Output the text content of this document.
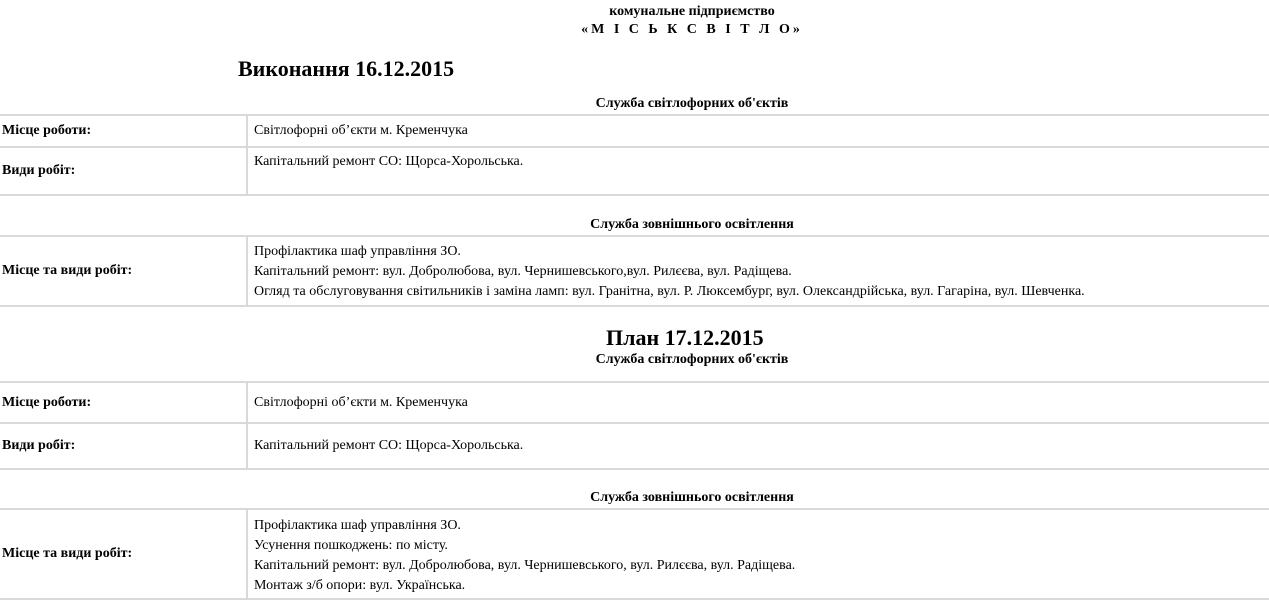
комунальне підприємство
«М І С Ь К С В І Т Л О»
Виконання 16.12.2015
Служба світлофорних об'єктів
Місце роботи:	Світлофорні об’єкти м. Кременчука
Види робіт:
Капітальний ремонт СО: Щорса-Хорольська.
Служба зовнішнього освітлення
Місце та види робіт:
Профілактика шаф управління ЗО.
Капітальний ремонт: вул. Добролюбова, вул. Чернишевського,вул. Рилєєва, вул. Радіщева.
Огляд та обслуговування світильників і заміна ламп: вул. Гранітна, вул. Р. Люксембург, вул. Олександрійська, вул. Гагаріна, вул. Шевченка.
План 17.12.2015
Служба світлофорних об'єктів
Місце роботи:	Світлофорні об’єкти м. Кременчука
Види робіт:	Капітальний ремонт СО: Щорса-Хорольська.
Служба зовнішнього освітлення
Місце та види робіт:
Профілактика шаф управління ЗО.
Усунення пошкоджень: по місту.
Капітальний ремонт: вул. Добролюбова, вул. Чернишевського, вул. Рилєєва, вул. Радіщева.
Монтаж з/б опори: вул. Українська.
